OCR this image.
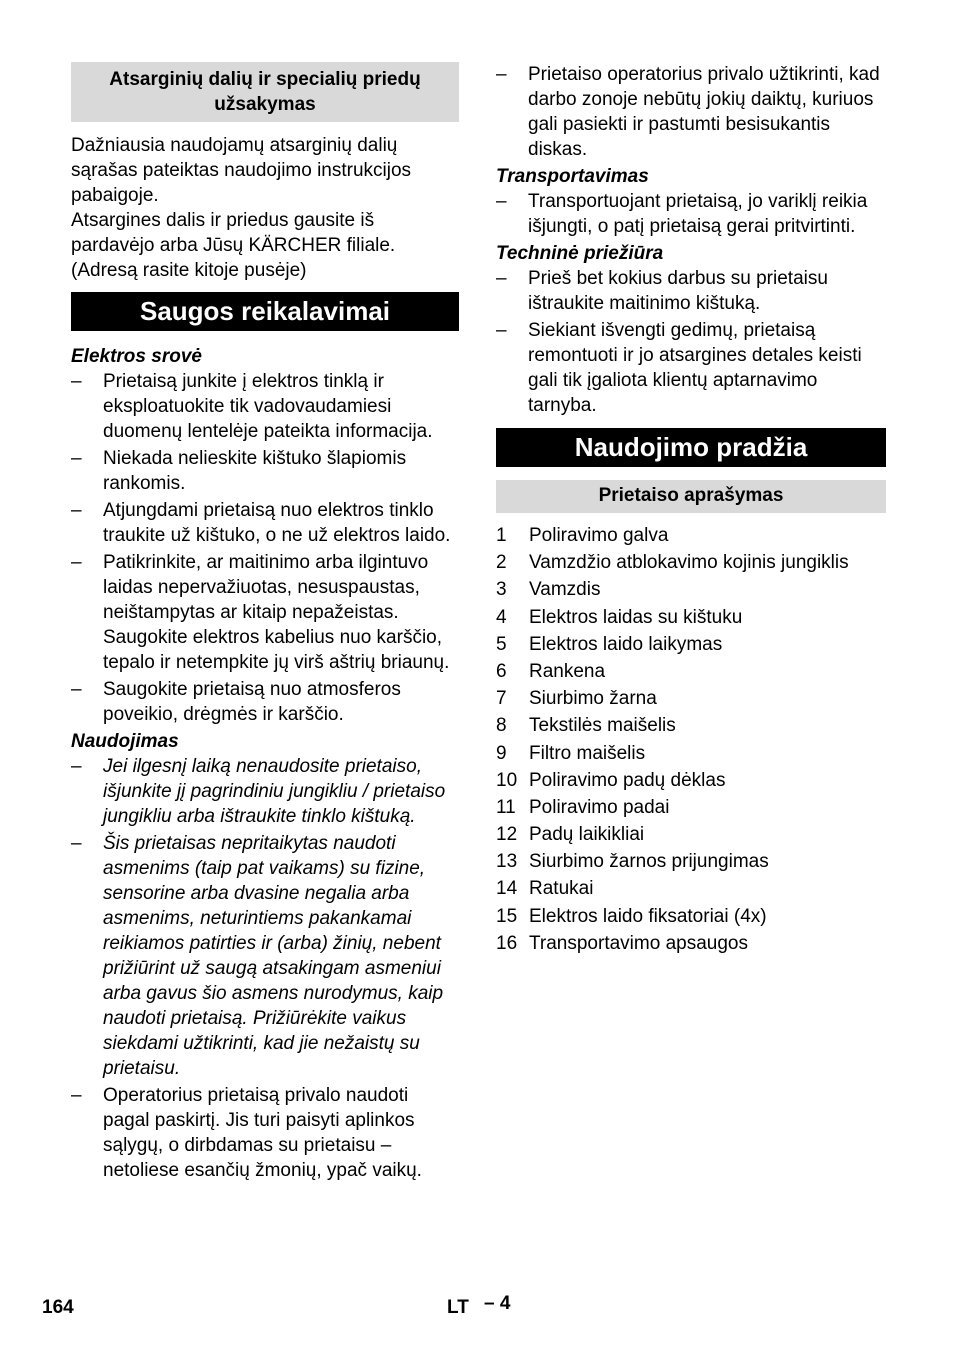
Atsarginių dalių ir specialių priedų užsakymas

Dažniausia naudojamų atsarginių dalių sąrašas pateiktas naudojimo instrukcijos pabaigoje.

Atsargines dalis ir priedus gausite iš pardavėjo arba Jūsų KÄRCHER filiale.

(Adresą rasite kitoje pusėje)

Saugos reikalavimai
Elektros srovė
– Prietaisą junkite į elektros tinklą ir eksploatuokite tik vadovaudamiesi duomenų lentelėje pateikta informacija.
– Niekada nelieskite kištuko šlapiomis rankomis.
– Atjungdami prietaisą nuo elektros tinklo traukite už kištuko, o ne už elektros laido.
– Patikrinkite, ar maitinimo arba ilgintuvo laidas nepervažiuotas, nesuspaustas, neištampytas ar kitaip nepažeistas. Saugokite elektros kabelius nuo karščio, tepalo ir netempkite jų virš aštrių briaunų.
– Saugokite prietaisą nuo atmosferos poveikio, drėgmės ir karščio.
Naudojimas
– Jei ilgesnį laiką nenaudosite prietaiso, išjunkite jį pagrindiniu jungikliu / prietaiso jungikliu arba ištraukite tinklo kištuką.
– Šis prietaisas nepritaikytas naudoti asmenims (taip pat vaikams) su fizine, sensorine arba dvasine negalia arba asmenims, neturintiems pakankamai reikiamos patirties ir (arba) žinių, nebent prižiūrint už saugą atsakingam asmeniui arba gavus šio asmens nurodymus, kaip naudoti prietaisą. Prižiūrėkite vaikus siekdami užtikrinti, kad jie nežaistų su prietaisu.
– Operatorius prietaisą privalo naudoti pagal paskirtį. Jis turi paisyti aplinkos sąlygų, o dirbdamas su prietaisu – netoliese esančių žmonių, ypač vaikų.
– Prietaiso operatorius privalo užtikrinti, kad darbo zonoje nebūtų jokių daiktų, kuriuos gali pasiekti ir pastumti besisukantis diskas.
Transportavimas
– Transportuojant prietaisą, jo variklį reikia išjungti, o patį prietaisą gerai pritvirtinti.
Techninė priežiūra
– Prieš bet kokius darbus su prietaisu ištraukite maitinimo kištuką.
– Siekiant išvengti gedimų, prietaisą remontuoti ir jo atsargines detales keisti gali tik įgaliota klientų aptarnavimo tarnyba.
Naudojimo pradžia
Prietaiso aprašymas
1 Poliravimo galva
2 Vamzdžio atblokavimo kojinis jungiklis
3 Vamzdis
4 Elektros laidas su kištuku
5 Elektros laido laikymas
6 Rankena
7 Siurbimo žarna
8 Tekstilės maišelis
9 Filtro maišelis
10 Poliravimo padų dėklas
11 Poliravimo padai
12 Padų laikikliai
13 Siurbimo žarnos prijungimas
14 Ratukai
15 Elektros laido fiksatoriai (4x)
16 Transportavimo apsaugos
164	LT – 4
